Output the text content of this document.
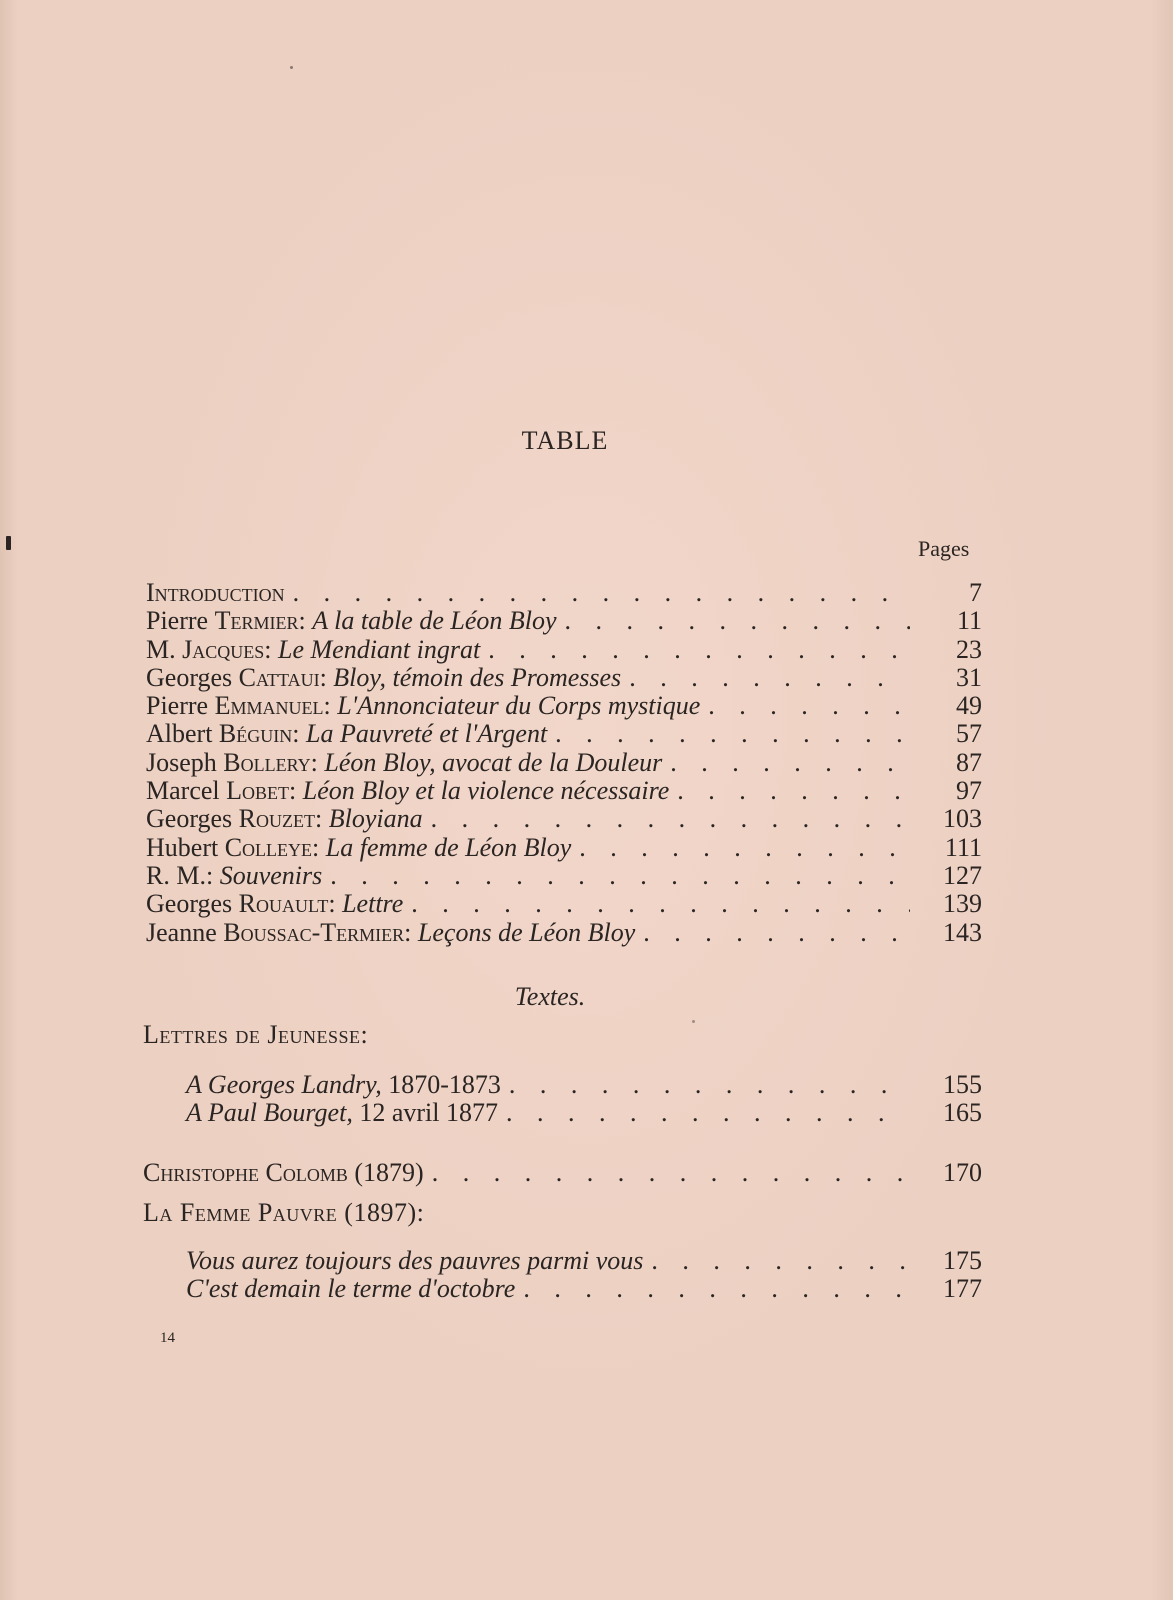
TABLE
Pages
Introduction . . .	7
Pierre Termier: A la table de Léon Bloy . . .	11
M. Jacques: Le Mendiant ingrat . . .	23
Georges Cattaui: Bloy, témoin des Promesses . . .	31
Pierre Emmanuel: L'Annonciateur du Corps mystique . . .	49
Albert Béguin: La Pauvreté et l'Argent . . .	57
Joseph Bollery: Léon Bloy, avocat de la Douleur . . .	87
Marcel Lobet: Léon Bloy et la violence nécessaire . . .	97
Georges Rouzet: Bloyiana . . .	103
Hubert Colleye: La femme de Léon Bloy . . .	111
R. M.: Souvenirs . . .	127
Georges Rouault: Lettre . . .	139
Jeanne Boussac-Termier: Leçons de Léon Bloy . . .	143
Textes.
Lettres de Jeunesse:
A Georges Landry, 1870-1873 . . .	155
A Paul Bourget, 12 avril 1877 . . .	165
Christophe Colomb (1879) . . .	170
La Femme Pauvre (1897):
Vous aurez toujours des pauvres parmi vous . . .	175
C'est demain le terme d'octobre . . .	177
14
